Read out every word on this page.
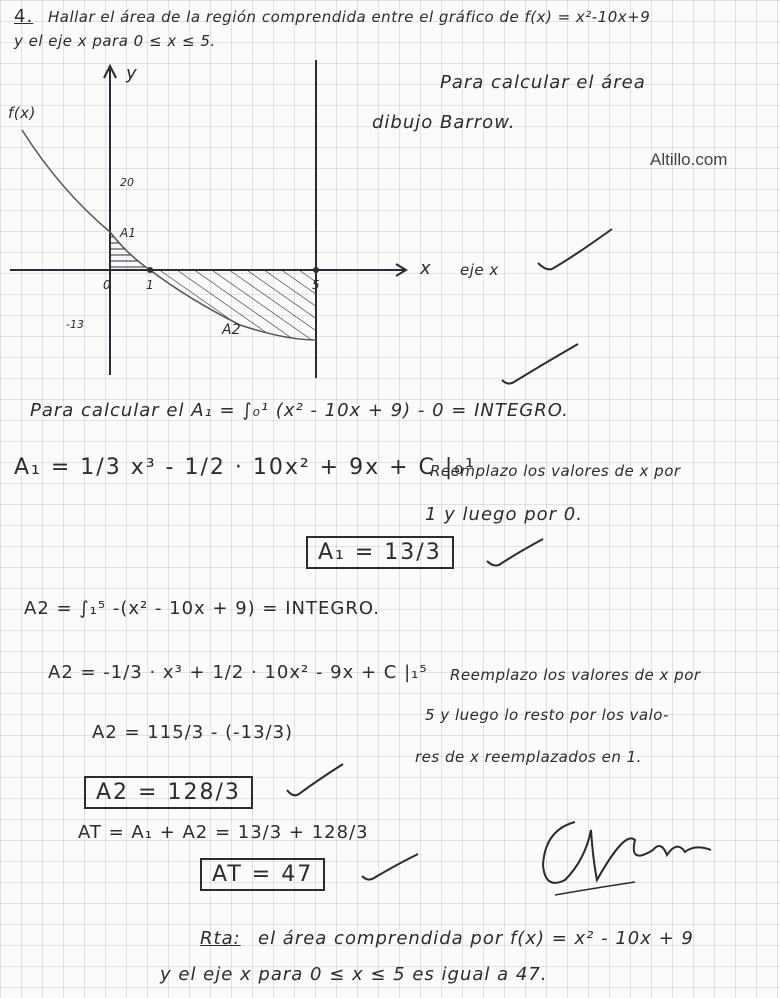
4. Hallar el área de la región comprendida entre el gráfico de f(x) = x²-10x+9
y el eje x para 0 ≤ x ≤ 5.
Para calcular el área
dibujo Barrow.
Altillo.com
f(x)
y
x eje x
20
-13
0	1	5
A1
A2
Para calcular el A₁ = ∫₀¹ (x² - 10x + 9) - 0 = INTEGRO.
A₁ = 1/3 x³ - 1/2 · 10x² + 9x + C |₀¹
Reemplazo los valores de x por
1 y luego por 0.
A₁ = 13/3
A2 = ∫₁⁵ -(x² - 10x + 9) = INTEGRO.
A2 = -1/3 · x³ + 1/2 · 10x² - 9x + C |₁⁵ Reemplazo los valores de x por
5 y luego lo resto por los valo-
res de x reemplazados en 1.
A2 = 115/3 - (-13/3)
A2 = 128/3
AT = A₁ + A2 = 13/3 + 128/3
AT = 47
Rta: el área comprendida por f(x) = x² - 10x + 9
y el eje x para 0 ≤ x ≤ 5 es igual a 47.
